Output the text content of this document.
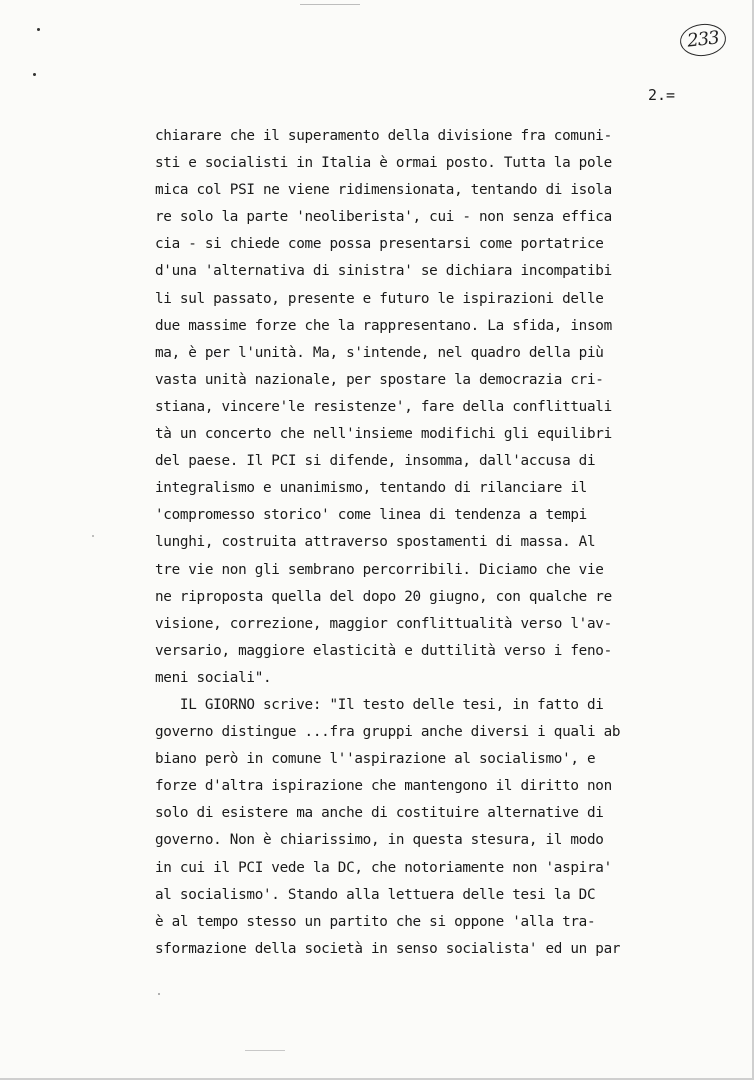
233
2.=
chiarare che il superamento della divisione fra comuni-
sti e socialisti in Italia è ormai posto. Tutta la pole
mica col PSI ne viene ridimensionata, tentando di isola
re solo la parte 'neoliberista', cui - non senza effica
cia - si chiede come possa presentarsi come portatrice
d'una 'alternativa di sinistra' se dichiara incompatibi
li sul passato, presente e futuro le ispirazioni delle
due massime forze che la rappresentano. La sfida, insom
ma, è per l'unità. Ma, s'intende, nel quadro della più
vasta unità nazionale, per spostare la democrazia cri-
stiana, vincere'le resistenze', fare della conflittuali
tà un concerto che nell'insieme modifichi gli equilibri
del paese. Il PCI si difende, insomma, dall'accusa di
integralismo e unanimismo, tentando di rilanciare il
'compromesso storico' come linea di tendenza a tempi
lunghi, costruita attraverso spostamenti di massa. Al
tre vie non gli sembrano percorribili. Diciamo che vie
ne riproposta quella del dopo 20 giugno, con qualche re
visione, correzione, maggior conflittualità verso l'av-
versario, maggiore elasticità e duttilità verso i feno-
meni sociali".
IL GIORNO scrive: "Il testo delle tesi, in fatto di
governo distingue ...fra gruppi anche diversi i quali ab
biano però in comune l''aspirazione al socialismo', e
forze d'altra ispirazione che mantengono il diritto non
solo di esistere ma anche di costituire alternative di
governo. Non è chiarissimo, in questa stesura, il modo
in cui il PCI vede la DC, che notoriamente non 'aspira'
al socialismo'. Stando alla lettuera delle tesi la DC
è al tempo stesso un partito che si oppone 'alla tra-
sformazione della società in senso socialista' ed un par
